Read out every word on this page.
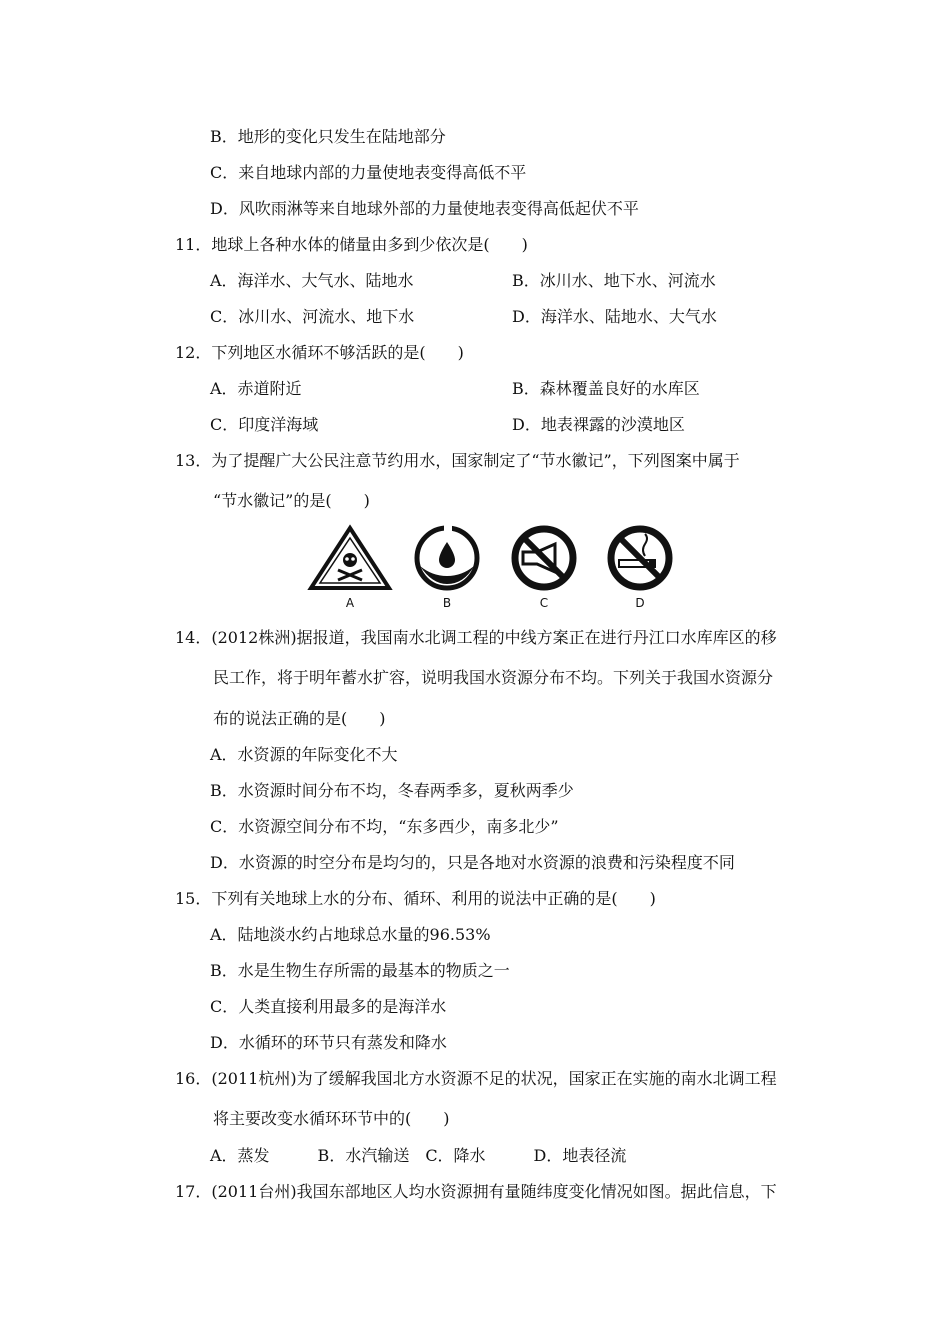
B．地形的变化只发生在陆地部分
C．来自地球内部的力量使地表变得高低不平
D．风吹雨淋等来自地球外部的力量使地表变得高低起伏不平
11．地球上各种水体的储量由多到少依次是(　　)
A．海洋水、大气水、陆地水	B．冰川水、地下水、河流水
C．冰川水、河流水、地下水	D．海洋水、陆地水、大气水
12．下列地区水循环不够活跃的是(　　)
A．赤道附近	B．森林覆盖良好的水库区
C．印度洋海域	D．地表裸露的沙漠地区
13．为了提醒广大公民注意节约用水，国家制定了“节水徽记”，下列图案中属于
“节水徽记”的是(　　)
A	B	C	D
14．(2012株洲)据报道，我国南水北调工程的中线方案正在进行丹江口水库库区的移
民工作，将于明年蓄水扩容，说明我国水资源分布不均。下列关于我国水资源分
布的说法正确的是(　　)
A．水资源的年际变化不大
B．水资源时间分布不均，冬春两季多，夏秋两季少
C．水资源空间分布不均，“东多西少，南多北少”
D．水资源的时空分布是均匀的，只是各地对水资源的浪费和污染程度不同
15．下列有关地球上水的分布、循环、利用的说法中正确的是(　　)
A．陆地淡水约占地球总水量的96.53%
B．水是生物生存所需的最基本的物质之一
C．人类直接利用最多的是海洋水
D．水循环的环节只有蒸发和降水
16．(2011杭州)为了缓解我国北方水资源不足的状况，国家正在实施的南水北调工程
将主要改变水循环环节中的(　　)
A．蒸发　　　B．水汽输送　C．降水　　　D．地表径流
17．(2011台州)我国东部地区人均水资源拥有量随纬度变化情况如图。据此信息，下
